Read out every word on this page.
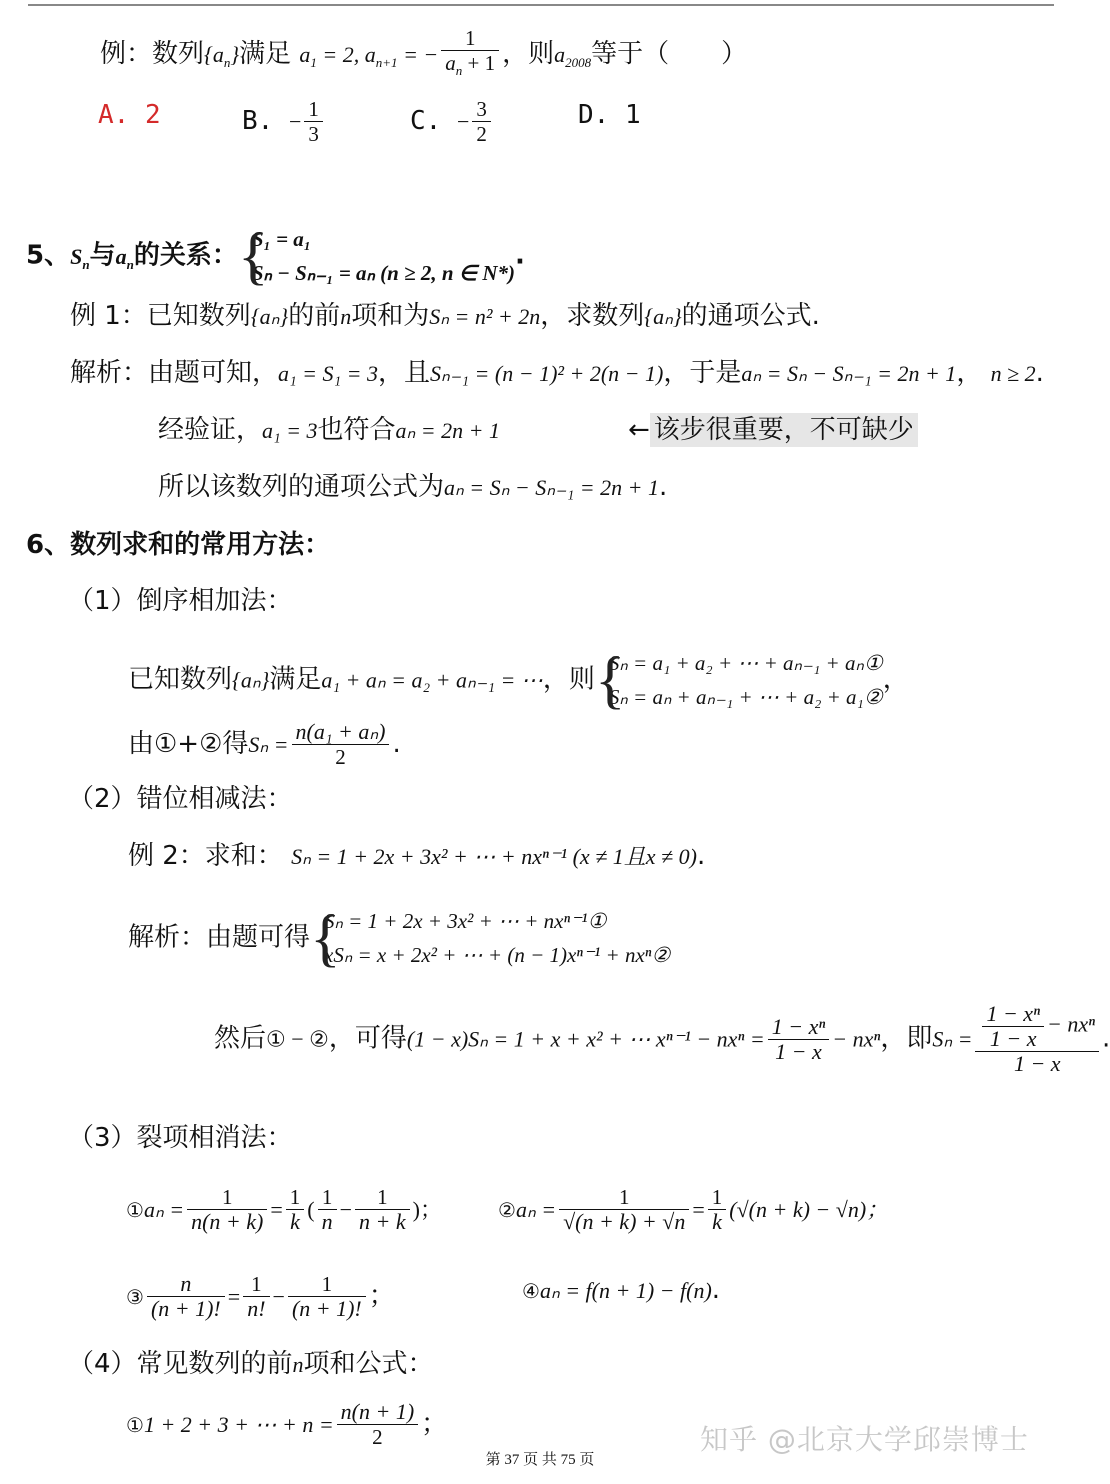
例：数列$\{a_n\}$满足 $a_1 = 2$, $a_{n+1}$ = − $\frac{1}{a_n + 1}$ ，则$a_{2008}$等于（　　）
A. 2	B. − $\frac{1}{3}$	C. − $\frac{3}{2}$	D. 1
5、$S_n$与$a_n$的关系： {
S₁ = a₁
Sₙ − Sₙ₋₁ = aₙ (n ≥ 2, n ∈ N*)
.
例 1：已知数列{aₙ}的前n项和为Sₙ = n² + 2n，求数列{aₙ}的通项公式.
解析：由题可知，a₁ = S₁ = 3，且Sₙ₋₁ = (n − 1)² + 2(n − 1)，于是aₙ = Sₙ − Sₙ₋₁ = 2n + 1， n ≥ 2.
经验证，a₁ = 3也符合aₙ = 2n + 1	← 该步很重要，不可缺少
所以该数列的通项公式为aₙ = Sₙ − Sₙ₋₁ = 2n + 1.
6、数列求和的常用方法：
（1）倒序相加法：
已知数列{aₙ}满足a₁ + aₙ = a₂ + aₙ₋₁ = ⋯，则 {
Sₙ = a₁ + a₂ + ⋯ + aₙ₋₁ + aₙ①
Sₙ = aₙ + aₙ₋₁ + ⋯ + a₂ + a₁②
，
由①+②得$S_n = \frac{\text{n(a₁ + aₙ)}}{2}$ .
（2）错位相减法：
例 2：求和： Sₙ = 1 + 2x + 3x² + ⋯ + nxⁿ⁻¹ (x ≠ 1且x ≠ 0).
解析：由题可得 {
Sₙ = 1 + 2x + 3x² + ⋯ + nxⁿ⁻¹①
xSₙ = x + 2x² + ⋯ + (n − 1)xⁿ⁻¹ + nxⁿ②
然后① − ②，可得(1 − x)Sₙ = 1 + x + x² + ⋯ $x^{n-1} - nx^n = \frac{\text{1 − xⁿ}}{1 - x} - nx^n$，即$S_n = \frac{\frac{\text{1 − xⁿ}}{1 - x} - nx^n}{1 - x}$ .
（3）裂项相消法：
①aₙ = $\frac{1}{n(n + k)} = \frac{1}{k}$ ( $\frac{1}{n} - \frac{1}{n + k}$ )；	②aₙ = $\frac{1}{√(n + k) + √n} = \frac{1}{k} (√(n + k) - √n)$；
③ $\frac{n}{(n + 1)!} = \frac{1}{n!} - \frac{1}{(n + 1)!}$ ；	④aₙ = f(n + 1) − f(n).
（4）常见数列的前n项和公式：
①1 + 2 + 3 + ⋯ + $n = \frac{n(n + 1)}{2}$ ；	知乎 @北京大学邱崇博士
第 37 页 共 75 页
